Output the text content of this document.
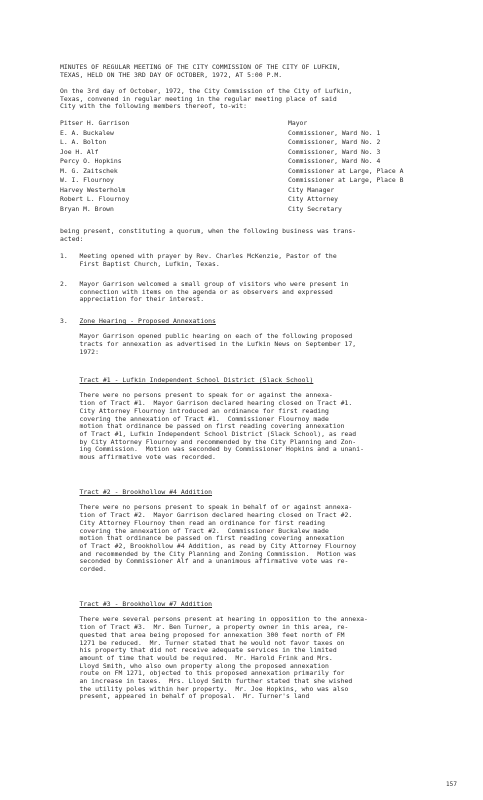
MINUTES OF REGULAR MEETING OF THE CITY COMMISSION OF THE CITY OF LUFKIN,
TEXAS, HELD ON THE 3RD DAY OF OCTOBER, 1972, AT 5:00 P.M.
On the 3rd day of October, 1972, the City Commission of the City of Lufkin,
Texas, convened in regular meeting in the regular meeting place of said
City with the following members thereof, to-wit:
Pitser H. Garrison	Mayor
E. A. Buckalew	Commissioner, Ward No. 1
L. A. Bolton	Commissioner, Ward No. 2
Joe H. Alf	Commissioner, Ward No. 3
Percy O. Hopkins	Commissioner, Ward No. 4
M. G. Zaitschek	Commissioner at Large, Place A
W. I. Flournoy	Commissioner at Large, Place B
Harvey Westerholm	City Manager
Robert L. Flournoy	City Attorney
Bryan M. Brown	City Secretary
being present, constituting a quorum, when the following business was trans-
acted:
1.   Meeting opened with prayer by Rev. Charles McKenzie, Pastor of the
First Baptist Church, Lufkin, Texas.
2.   Mayor Garrison welcomed a small group of visitors who were present in
connection with items on the agenda or as observers and expressed
appreciation for their interest.
3.   Zone Hearing - Proposed Annexations

Mayor Garrison opened public hearing on each of the following proposed
tracts for annexation as advertised in the Lufkin News on September 17,
1972:
Tract #1 - Lufkin Independent School District (Slack School)

There were no persons present to speak for or against the annexa-
tion of Tract #1.  Mayor Garrison declared hearing closed on Tract #1.
City Attorney Flournoy introduced an ordinance for first reading
covering the annexation of Tract #1.  Commissioner Flournoy made
motion that ordinance be passed on first reading covering annexation
of Tract #1, Lufkin Independent School District (Slack School), as read
by City Attorney Flournoy and recommended by the City Planning and Zon-
ing Commission.  Motion was seconded by Commissioner Hopkins and a unani-
mous affirmative vote was recorded.
Tract #2 - Brookhollow #4 Addition

There were no persons present to speak in behalf of or against annexa-
tion of Tract #2.  Mayor Garrison declared hearing closed on Tract #2.
City Attorney Flournoy then read an ordinance for first reading
covering the annexation of Tract #2.  Commissioner Buckalew made
motion that ordinance be passed on first reading covering annexation
of Tract #2, Brookhollow #4 Addition, as read by City Attorney Flournoy
and recommended by the City Planning and Zoning Commission.  Motion was
seconded by Commissioner Alf and a unanimous affirmative vote was re-
corded.
Tract #3 - Brookhollow #7 Addition

There were several persons present at hearing in opposition to the annexa-
tion of Tract #3.  Mr. Ben Turner, a property owner in this area, re-
quested that area being proposed for annexation 300 feet north of FM
1271 be reduced.  Mr. Turner stated that he would not favor taxes on
his property that did not receive adequate services in the limited
amount of time that would be required.  Mr. Harold Frink and Mrs.
Lloyd Smith, who also own property along the proposed annexation
route on FM 1271, objected to this proposed annexation primarily for
an increase in taxes.  Mrs. Lloyd Smith further stated that she wished
the utility poles within her property.  Mr. Joe Hopkins, who was also
present, appeared in behalf of proposal.  Mr. Turner's land
157
